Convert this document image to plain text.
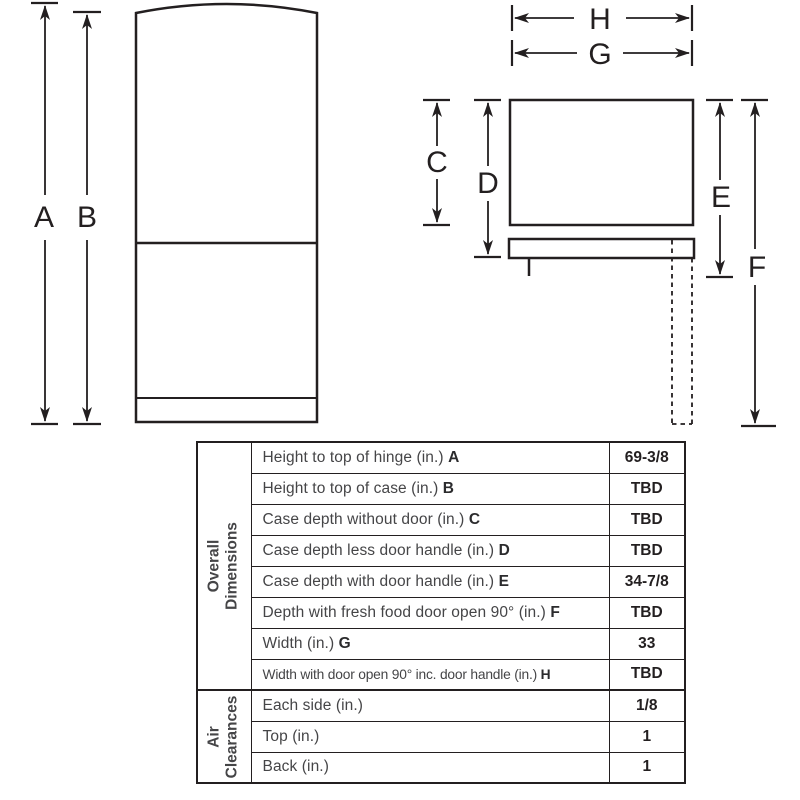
A B
H
G
C
D	E
F
Overall Dimensions	Height to top of hinge (in.) A	69-3/8
	Height to top of case (in.) B	TBD
	Case depth without door (in.) C	TBD
	Case depth less door handle (in.) D	TBD
	Case depth with door handle (in.) E	34-7/8
	Depth with fresh food door open 90° (in.) F	TBD
	Width (in.) G	33
	Width with door open 90° inc. door handle (in.) H	TBD

Air Clearances	Each side (in.)	1/8
	Top (in.)	1
	Back (in.)	1
